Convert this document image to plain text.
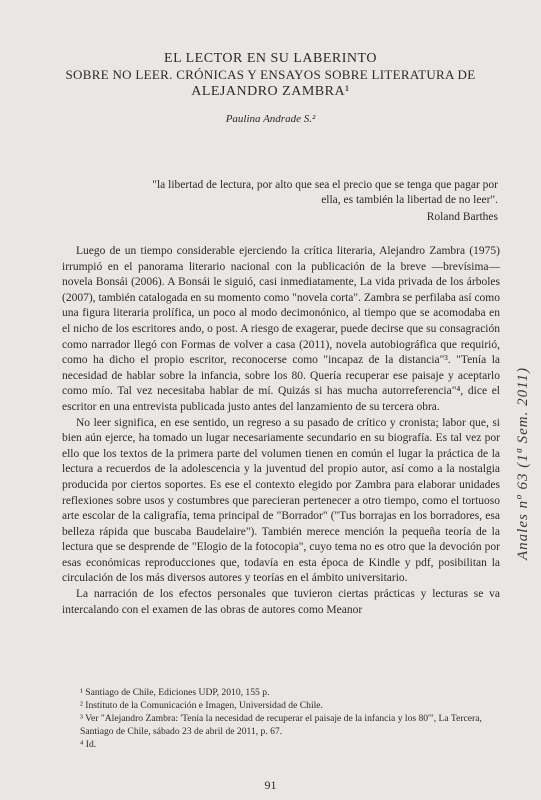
EL LECTOR EN SU LABERINTO
SOBRE NO LEER. CRÓNICAS Y ENSAYOS SOBRE LITERATURA DE
ALEJANDRO ZAMBRA¹
Paulina Andrade S.²
"la libertad de lectura, por alto que sea el precio que se tenga que pagar por ella, es también la libertad de no leer".
Roland Barthes

Luego de un tiempo considerable ejerciendo la crítica literaria, Alejandro Zambra (1975) irrumpió en el panorama literario nacional con la publicación de la breve —brevísima— novela Bonsái (2006). A Bonsái le siguió, casi inmediatamente, La vida privada de los árboles (2007), también catalogada en su momento como "novela corta". Zambra se perfilaba así como una figura literaria prolífica, un poco al modo decimonónico, al tiempo que se acomodaba en el nicho de los escritores ando, o post. A riesgo de exagerar, puede decirse que su consagración como narrador llegó con Formas de volver a casa (2011), novela autobiográfica que requirió, como ha dicho el propio escritor, reconocerse como "incapaz de la distancia"³. "Tenía la necesidad de hablar sobre la infancia, sobre los 80. Quería recuperar ese paisaje y aceptarlo como mío. Tal vez necesitaba hablar de mí. Quizás si has mucha autorreferencia"⁴, dice el escritor en una entrevista publicada justo antes del lanzamiento de su tercera obra.

No leer significa, en ese sentido, un regreso a su pasado de crítico y cronista; labor que, si bien aún ejerce, ha tomado un lugar necesariamente secundario en su biografía. Es tal vez por ello que los textos de la primera parte del volumen tienen en común el lugar la práctica de la lectura a recuerdos de la adolescencia y la juventud del propio autor, así como a la nostalgia producida por ciertos soportes. Es ese el contexto elegido por Zambra para elaborar unidades reflexiones sobre usos y costumbres que parecieran pertenecer a otro tiempo, como el tortuoso arte escolar de la caligrafía, tema principal de "Borrador" ("Tus borrajas en los borradores, esa belleza rápida que buscaba Baudelaire"). También merece mención la pequeña teoría de la lectura que se desprende de "Elogio de la fotocopia", cuyo tema no es otro que la devoción por esas económicas reproducciones que, todavía en esta época de Kindle y pdf, posibilitan la circulación de los más diversos autores y teorías en el ámbito universitario.

La narración de los efectos personales que tuvieron ciertas prácticas y lecturas se va intercalando con el examen de las obras de autores como Meanor

¹ Santiago de Chile, Ediciones UDP, 2010, 155 p.
² Instituto de la Comunicación e Imagen, Universidad de Chile.
³ Ver "Alejandro Zambra: 'Tenía la necesidad de recuperar el paisaje de la infancia y los 80'", La Tercera, Santiago de Chile, sábado 23 de abril de 2011, p. 67.
⁴ Id.
91
Anales nº 63 (1ª Sem. 2011)
